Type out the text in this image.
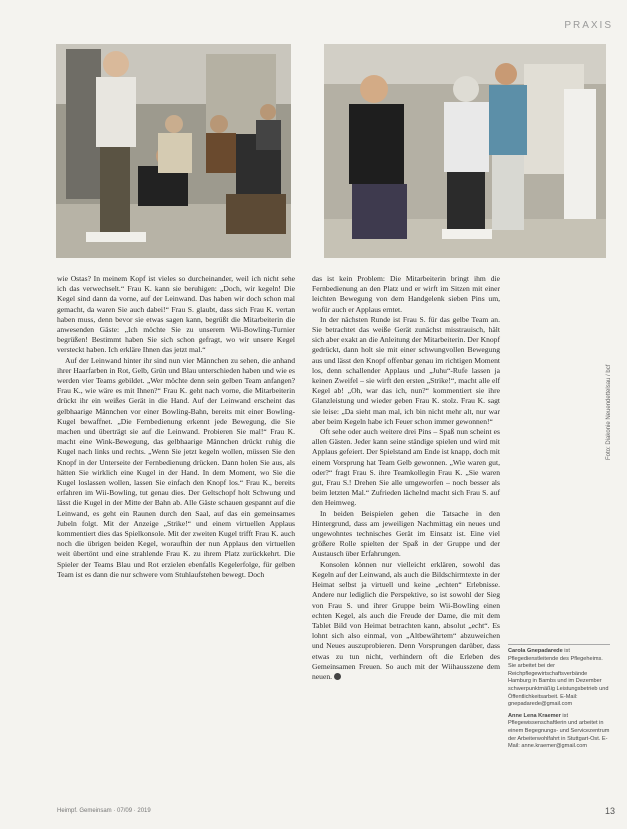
PRAXIS
Foto: Diakonie Neuendettelsau / bcf

wie Ostas? In meinem Kopf ist vieles so durcheinander, weil ich nicht sehe ich das verwechselt.“ Frau K. kann sie beruhigen: „Doch, wir kegeln! Die Kegel sind dann da vorne, auf der Leinwand. Das haben wir doch schon mal gemacht, da waren Sie auch dabei!“ Frau S. glaubt, dass sich Frau K. vertan haben muss, denn bevor sie etwas sagen kann, begrüßt die Mitarbeiterin die anwesenden Gäste: „Ich möchte Sie zu unserem Wii-Bowling-Turnier begrüßen! Bestimmt haben Sie sich schon gefragt, wo wir unsere Kegel versteckt haben. Ich erkläre Ihnen das jetzt mal.“

Auf der Leinwand hinter ihr sind nun vier Männchen zu sehen, die anhand ihrer Haarfarben in Rot, Gelb, Grün und Blau unterschieden haben und wie es werden vier Teams gebildet. „Wer möchte denn sein gelben Team anfangen? Frau K., wie wäre es mit Ihnen?“ Frau K. geht nach vorne, die Mitarbeiterin drückt ihr ein weißes Gerät in die Hand. Auf der Leinwand erscheint das gelbhaarige Männchen vor einer Bowling-Bahn, bereits mit einer Bowling-Kugel bewaffnet. „Die Fernbedienung erkennt jede Bewegung, die Sie machen und überträgt sie auf die Leinwand. Probieren Sie mal!“ Frau K. macht eine Wink-Bewegung, das gelbhaarige Männchen drückt ruhig die Kugel nach links und rechts. „Wenn Sie jetzt kegeln wollen, müssen Sie den Knopf in der Unterseite der Fernbedienung drücken. Dann holen Sie aus, als hätten Sie wirklich eine Kugel in der Hand. In dem Moment, wo Sie die Kugel loslassen wollen, lassen Sie einfach den Knopf los.“ Frau K., bereits erfahren im Wii-Bowling, tut genau dies. Der Geltschopf holt Schwung und lässt die Kugel in der Mitte der Bahn ab. Alle Gäste schauen gespannt auf die Leinwand, es geht ein Raunen durch den Saal, auf das ein gemeinsames Jubeln folgt. Mit der Anzeige „Strike!“ und einem virtuellen Applaus kommentiert dies das Spielkonsole. Mit der zweiten Kugel trifft Frau K. auch noch die übrigen beiden Kegel, woraufhin der nun Applaus den virtuellen weit übertönt und eine strahlende Frau K. zu ihrem Platz zurückkehrt. Die Spieler der Teams Blau und Rot erzielen ebenfalls Kegelerfolge, für gelben Team ist es dann die nur schwere vom Stuhlaufstehen bewegt. Doch

das ist kein Problem: Die Mitarbeiterin bringt ihm die Fernbedienung an den Platz und er wirft im Sitzen mit einer leichten Bewegung von dem Handgelenk sieben Pins um, wofür auch er Applaus erntet.

In der nächsten Runde ist Frau S. für das gelbe Team an. Sie betrachtet das weiße Gerät zunächst misstrauisch, hält sich aber exakt an die Anleitung der Mitarbeiterin. Der Knopf gedrückt, dann holt sie mit einer schwungvollen Bewegung aus und lässt den Knopf offenbar genau im richtigen Moment los, denn schallender Applaus und „Juhu“-Rufe lassen ja keinen Zweifel – sie wirft den ersten „Strike!“, macht alle elf Kegel ab! „Oh, war das ich, nun?“ kommentiert sie ihre Glanzleistung und wieder geben Frau K. stolz. Frau K. sagt sie leise: „Da sieht man mal, ich bin nicht mehr alt, nur war aber beim Kegeln habe ich Feuer schon immer gewonnen!“

Oft sehe oder auch weitere drei Pins – Spaß nun scheint es allen Gästen. Jeder kann seine ständige spielen und wird mit Applaus gefeiert. Der Spielstand am Ende ist knapp, doch mit einem Vorsprung hat Team Gelb gewonnen. „Wie waren gut, oder?“ fragt Frau S. ihre Teamkollegin Frau K. „Sie waren gut, Frau S.! Drehen Sie alle umgeworfen – noch besser als beim letzten Mal.“ Zufrieden lächelnd macht sich Frau S. auf den Heimweg.

In beiden Beispielen gehen die Tatsache in den Hintergrund, dass am jeweiligen Nachmittag ein neues und ungewohntes technisches Gerät im Einsatz ist. Eine viel größere Rolle spielten der Spaß in der Gruppe und der Austausch über Erfahrungen.

Konsolen können nur vielleicht erklären, sowohl das Kegeln auf der Leinwand, als auch die Bildschirmtexte in der Heimat selbst ja virtuell und keine „echten“ Erlebnisse. Andere nur lediglich die Perspektive, so ist sowohl der Sieg von Frau S. und ihrer Gruppe beim Wii-Bowling einen echten Kegel, als auch die Freude der Dame, die mit dem Tablet Bild von Heimat betrachten kann, absolut „echt“. Es lohnt sich also einmal, von „Altbewährtem“ abzuweichen und Neues auszuprobieren. Denn Vorsprungen darüber, dass etwas zu tun nicht, verhindern oft die Erleben des Gemeinsamen Freuen. So auch mit der Wiihausszene dem neuen.

Carola Gnepadarede ist Pflegedienstleitende des Pflegeheims. Sie arbeitet bei der Reichpflegewirtschaftsverbände Hamburg in Bambs und im Dezember schwerpunktmäßig Leistungsbetrieb und Öffentlichkeitsarbeit. E-Mail: gnepadarede@gmail.com

Anne Lena Kraemer ist Pflegewissenschaftlerin und arbeitet in einem Begegnungs- und Servicezentrum der Arbeiterwohlfahrt in Stuttgart-Ost. E-Mail: anne.kraemer@gmail.com

Heimpf. Gemeinsam · 07/09 · 2019	13
